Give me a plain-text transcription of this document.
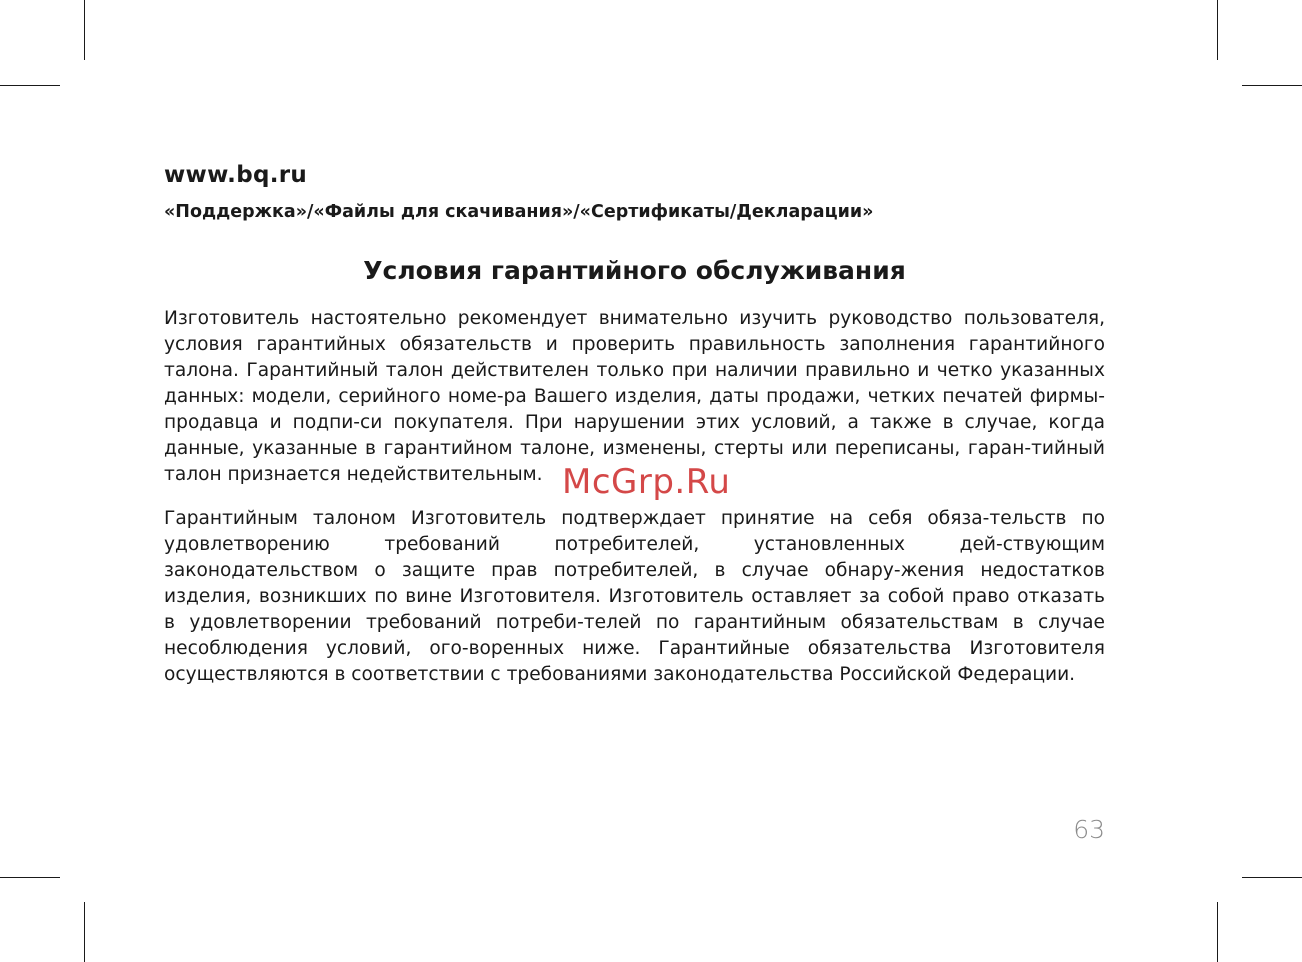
www.bq.ru

«Поддержка»/«Файлы для скачивания»/«Сертификаты/Декларации»

Условия гарантийного обслуживания

Изготовитель настоятельно рекомендует внимательно изучить руководство пользователя, условия гарантийных обязательств и проверить правильность заполнения гарантийного талона. Гарантийный талон действителен только при наличии правильно и четко указанных данных: модели, серийного номе-ра Вашего изделия, даты продажи, четких печатей фирмы-продавца и подпи-си покупателя. При нарушении этих условий, а также в случае, когда данные, указанные в гарантийном талоне, изменены, стерты или переписаны, гаран-тийный талон признается недействительным.

Гарантийным талоном Изготовитель подтверждает принятие на себя обяза-тельств по удовлетворению требований потребителей, установленных дей-ствующим законодательством о защите прав потребителей, в случае обнару-жения недостатков изделия, возникших по вине Изготовителя. Изготовитель оставляет за собой право отказать в удовлетворении требований потреби-телей по гарантийным обязательствам в случае несоблюдения условий, ого-воренных ниже. Гарантийные обязательства Изготовителя осуществляются в соответствии с требованиями законодательства Российской Федерации.

McGrp.Ru
63
